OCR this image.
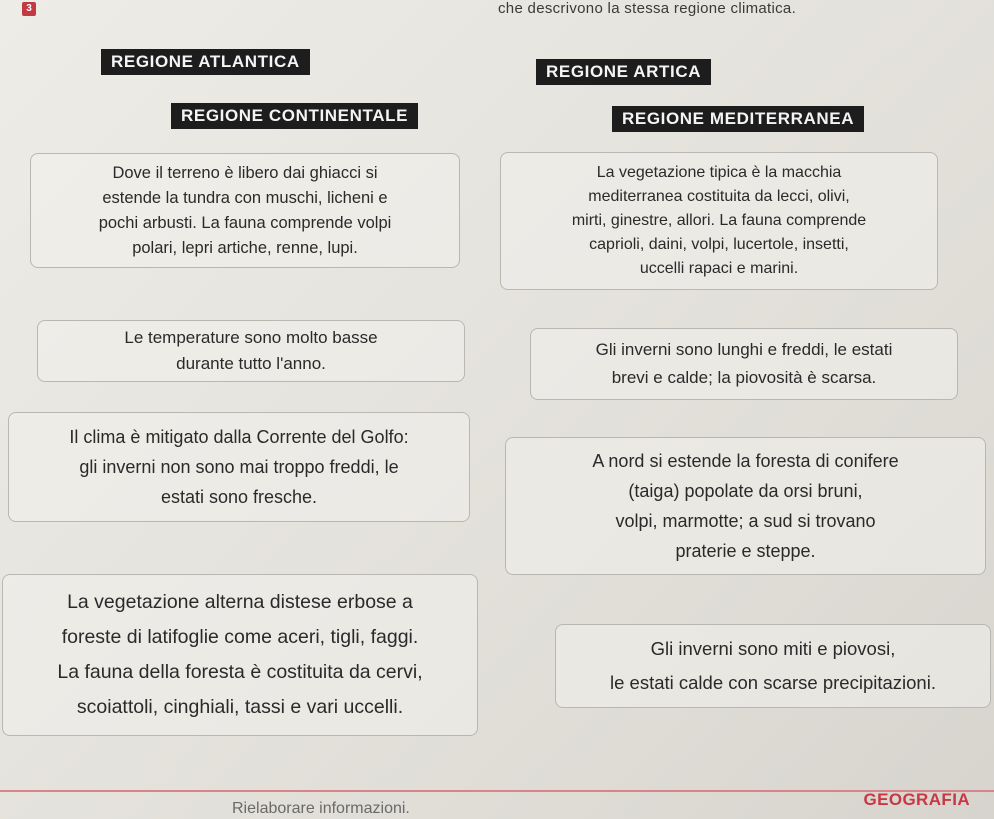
3	che descrivono la stessa regione climatica.
REGIONE ATLANTICA
REGIONE ARTICA
REGIONE CONTINENTALE	REGIONE MEDITERRANEA
Dove il terreno è libero dai ghiacci si
estende la tundra con muschi, licheni e
pochi arbusti. La fauna comprende volpi
polari, lepri artiche, renne, lupi.
La vegetazione tipica è la macchia
mediterranea costituita da lecci, olivi,
mirti, ginestre, allori. La fauna comprende
caprioli, daini, volpi, lucertole, insetti,
uccelli rapaci e marini.
Le temperature sono molto basse
durante tutto l'anno.
Gli inverni sono lunghi e freddi, le estati
brevi e calde; la piovosità è scarsa.
Il clima è mitigato dalla Corrente del Golfo:
gli inverni non sono mai troppo freddi, le
estati sono fresche.
A nord si estende la foresta di conifere
(taiga) popolate da orsi bruni,
volpi, marmotte; a sud si trovano
praterie e steppe.
La vegetazione alterna distese erbose a
foreste di latifoglie come aceri, tigli, faggi.
La fauna della foresta è costituita da cervi,
scoiattoli, cinghiali, tassi e vari uccelli.
Gli inverni sono miti e piovosi,
le estati calde con scarse precipitazioni.
Rielaborare informazioni.	GEOGRAFIA
